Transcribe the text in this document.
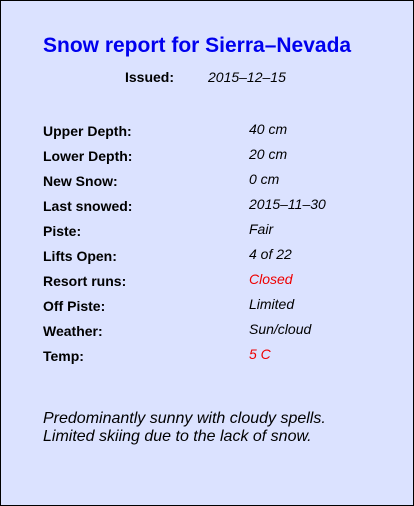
Snow report for Sierra–Nevada
Issued: 2015–12–15
Upper Depth:	40 cm
Lower Depth:	20 cm
New Snow:	0 cm
Last snowed:	2015–11–30
Piste:	Fair
Lifts Open:	4 of 22
Resort runs:	Closed
Off Piste:	Limited
Weather:	Sun/cloud
Temp:	5 C
Predominantly sunny with cloudy spells.
Limited skiing due to the lack of snow.
